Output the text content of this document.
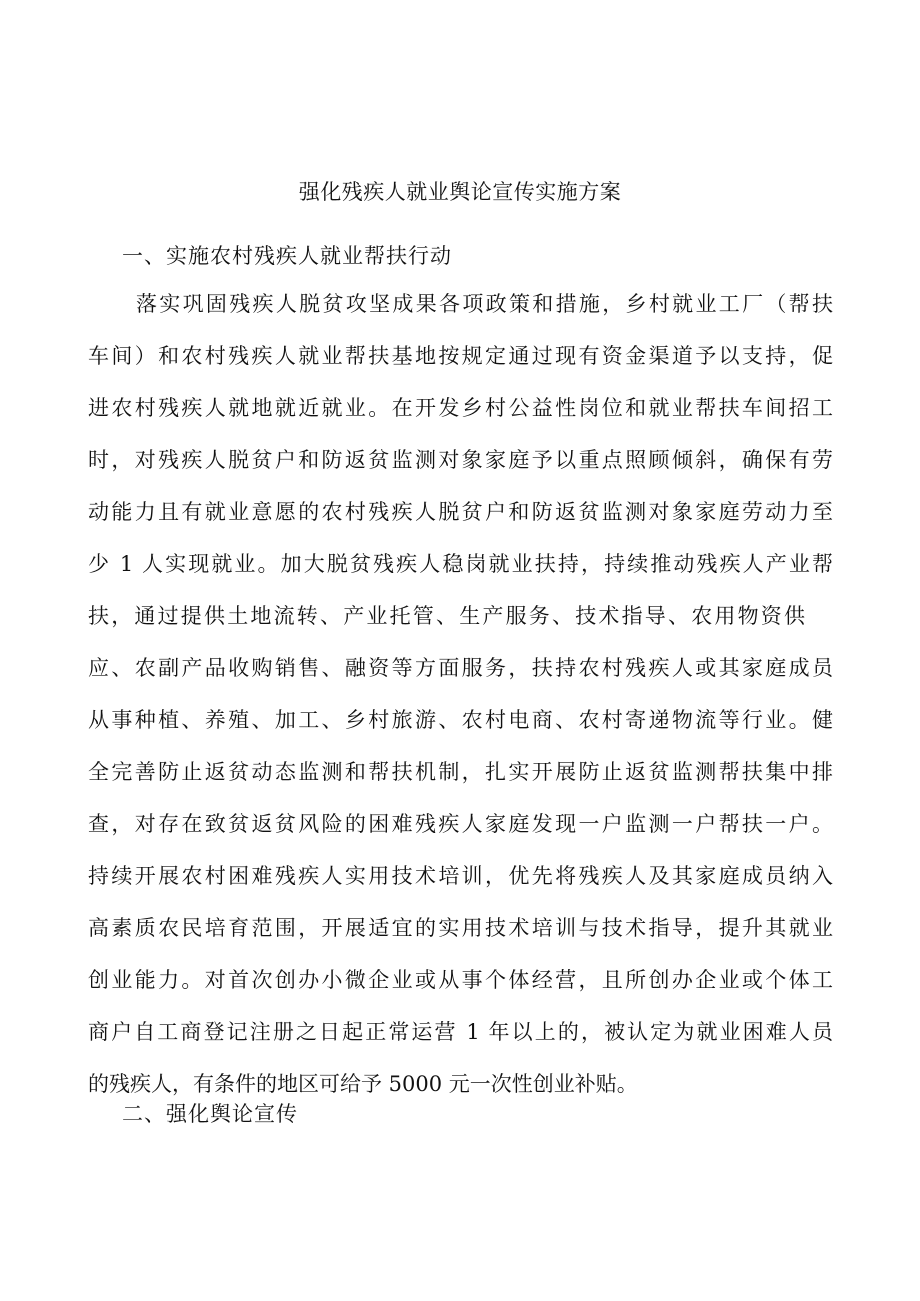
强化残疾人就业舆论宣传实施方案
一、实施农村残疾人就业帮扶行动
落实巩固残疾人脱贫攻坚成果各项政策和措施，乡村就业工厂（帮扶
车间）和农村残疾人就业帮扶基地按规定通过现有资金渠道予以支持，促
进农村残疾人就地就近就业。在开发乡村公益性岗位和就业帮扶车间招工
时，对残疾人脱贫户和防返贫监测对象家庭予以重点照顾倾斜，确保有劳
动能力且有就业意愿的农村残疾人脱贫户和防返贫监测对象家庭劳动力至
少 1 人实现就业。加大脱贫残疾人稳岗就业扶持，持续推动残疾人产业帮
扶，通过提供土地流转、产业托管、生产服务、技术指导、农用物资供
应、农副产品收购销售、融资等方面服务，扶持农村残疾人或其家庭成员
从事种植、养殖、加工、乡村旅游、农村电商、农村寄递物流等行业。健
全完善防止返贫动态监测和帮扶机制，扎实开展防止返贫监测帮扶集中排
查，对存在致贫返贫风险的困难残疾人家庭发现一户监测一户帮扶一户。
持续开展农村困难残疾人实用技术培训，优先将残疾人及其家庭成员纳入
高素质农民培育范围，开展适宜的实用技术培训与技术指导，提升其就业
创业能力。对首次创办小微企业或从事个体经营，且所创办企业或个体工
商户自工商登记注册之日起正常运营 1 年以上的，被认定为就业困难人员
的残疾人，有条件的地区可给予 5000 元一次性创业补贴。
二、强化舆论宣传
